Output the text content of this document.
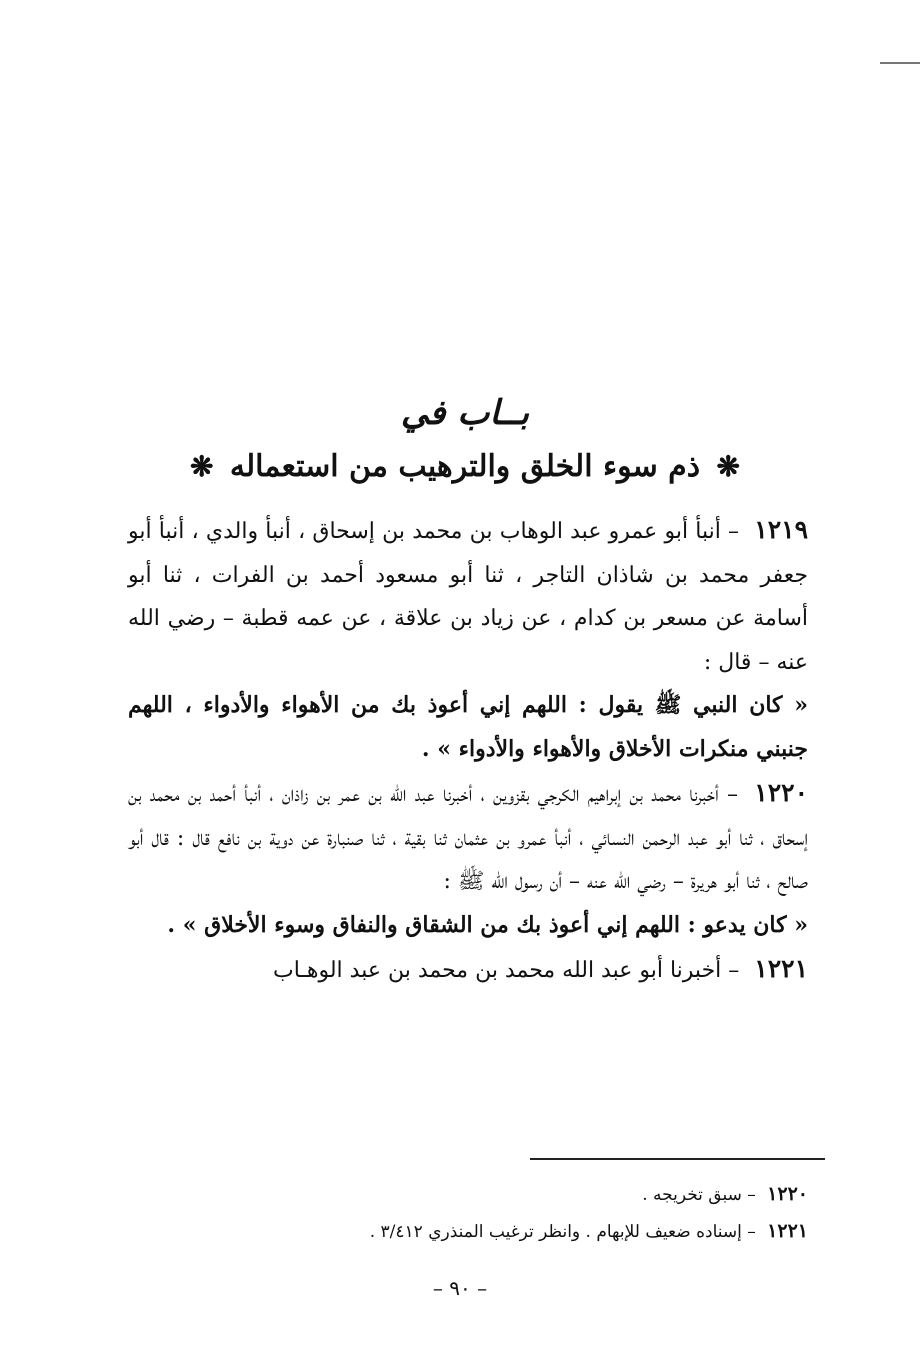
بــاب في
❋ ذم سوء الخلق والترهيب من استعماله ❋

١٢١٩ – أنبأ أبو عمرو عبد الوهاب بن محمد بن إسحاق ، أنبأ والدي ، أنبأ أبو جعفر محمد بن شاذان التاجر ، ثنا أبو مسعود أحمد بن الفرات ، ثنا أبو أسامة عن مسعر بن كدام ، عن زياد بن علاقة ، عن عمه قطبة – رضي الله عنه – قال :

« كان النبي ﷺ يقول : اللهم إني أعوذ بك من الأهواء والأدواء ، اللهم جنبني منكرات الأخلاق والأهواء والأدواء » .

١٢٢٠ – أخبرنا محمد بن إبراهيم الكرجي بقزوين ، أخبرنا عبد الله بن عمر بن زاذان ، أنبأ أحمد بن محمد بن إسحاق ، ثنا أبو عبد الرحمن النسائي ، أنبأ عمرو بن عثمان ثنا بقية ، ثنا صنبارة عن دوية بن نافع قال : قال أبو صالح ، ثنا أبو هريرة – رضي الله عنه – أن رسول الله ﷺ :

« كان يدعو : اللهم إني أعوذ بك من الشقاق والنفاق وسوء الأخلاق » .

١٢٢١ – أخبرنا أبو عبد الله محمد بن محمد بن عبد الوهـاب

١٢٢٠ – سبق تخريجه .
١٢٢١ – إسناده ضعيف للإبهام . وانظر ترغيب المنذري ٣/٤١٢ .
– ٩٠ –
